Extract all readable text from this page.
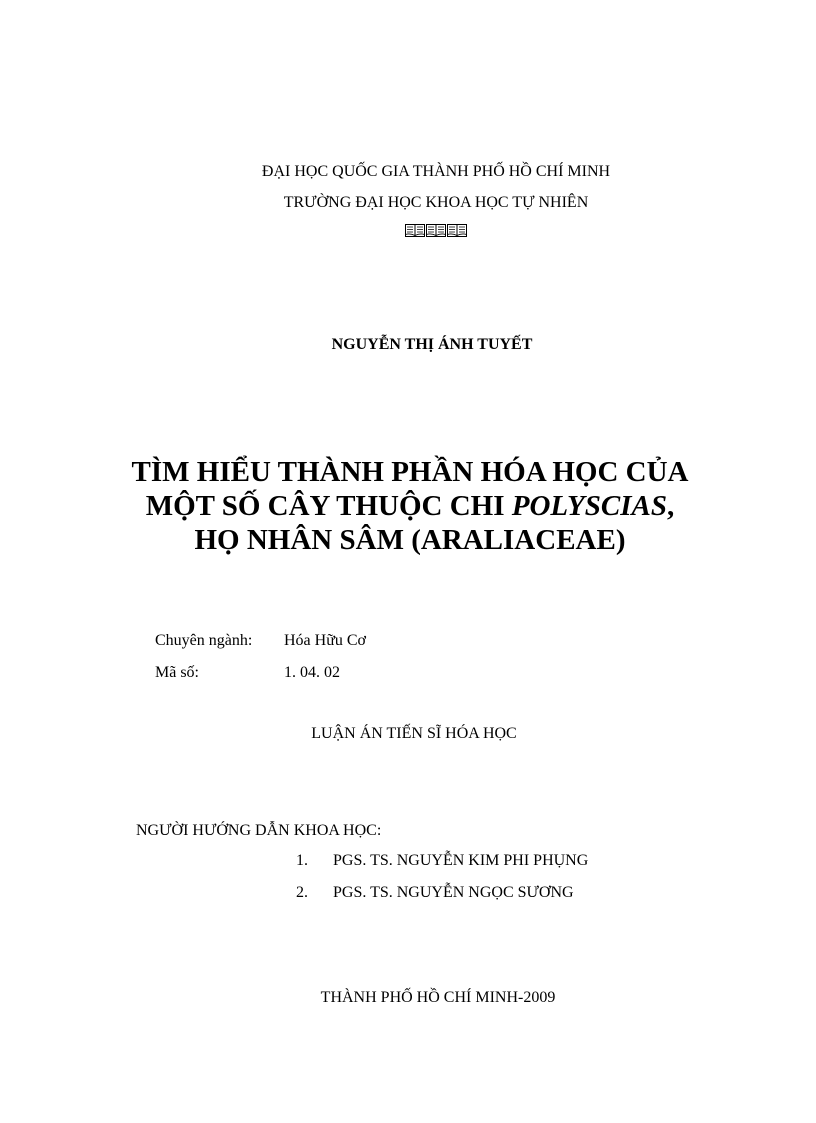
ĐẠI HỌC QUỐC GIA THÀNH PHỐ HỒ CHÍ MINH
TRƯỜNG ĐẠI HỌC KHOA HỌC TỰ NHIÊN
NGUYỄN THỊ ÁNH TUYẾT
TÌM HIỂU THÀNH PHẦN HÓA HỌC CỦA
MỘT SỐ CÂY THUỘC CHI POLYSCIAS,
HỌ NHÂN SÂM (ARALIACEAE)
Chuyên ngành: Hóa Hữu Cơ
Mã số:	1. 04. 02
LUẬN ÁN TIẾN SĨ HÓA HỌC
NGƯỜI HƯỚNG DẪN KHOA HỌC:
1. PGS. TS. NGUYỄN KIM PHI PHỤNG
2. PGS. TS. NGUYỄN NGỌC SƯƠNG
THÀNH PHỐ HỒ CHÍ MINH-2009
